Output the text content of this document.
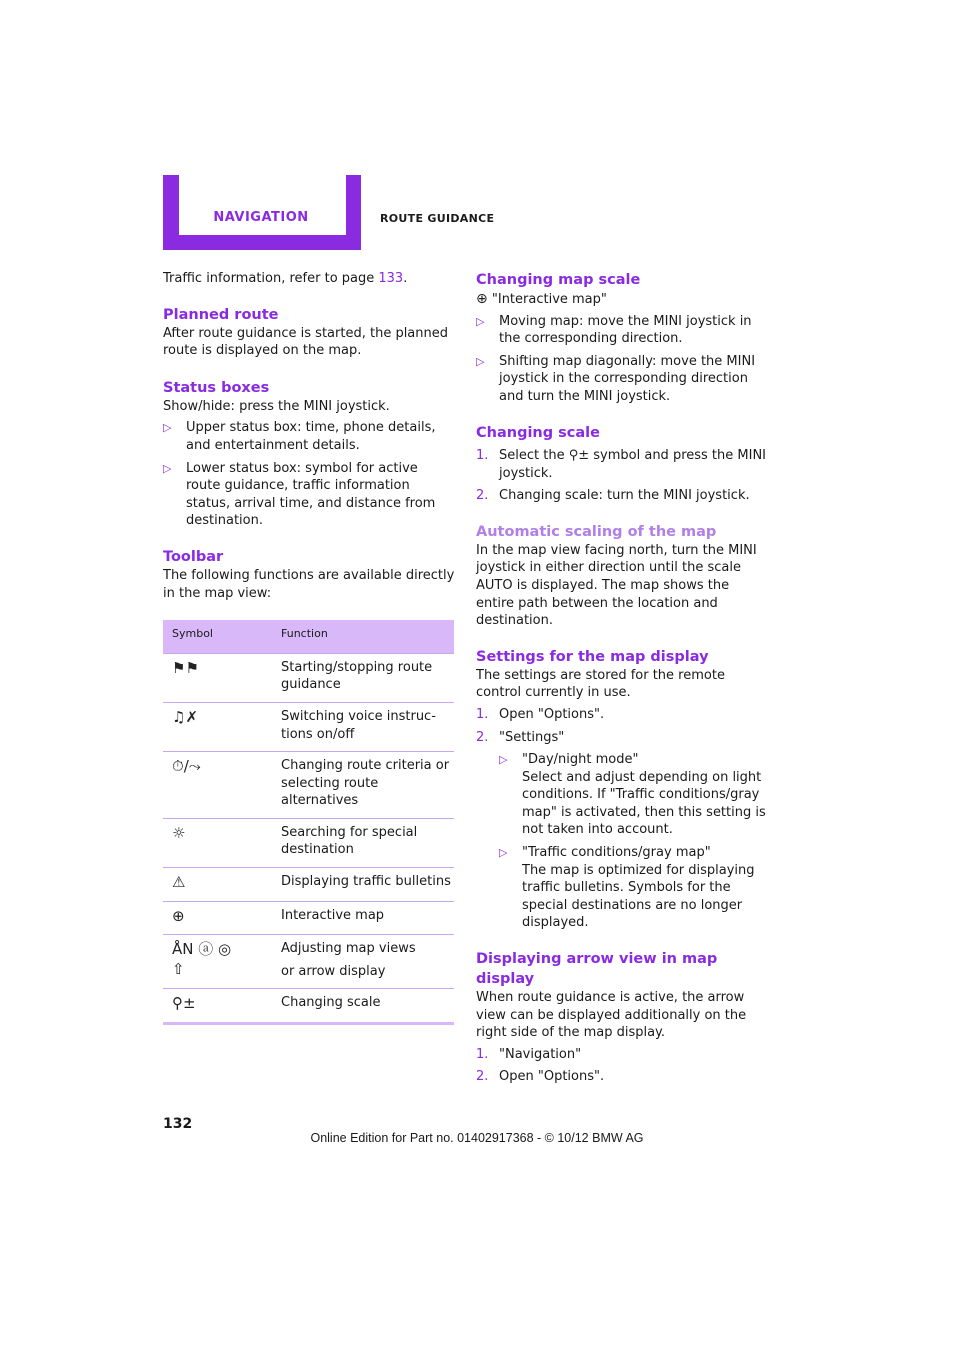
NAVIGATION	ROUTE GUIDANCE

Traffic information, refer to page 133.

Planned route

After route guidance is started, the planned route is displayed on the map.

Status boxes

Show/hide: press the MINI joystick.

▷ Upper status box: time, phone details, and entertainment details.
▷ Lower status box: symbol for active route guidance, traffic information status, arrival time, and distance from destination.
Toolbar

The following functions are available directly in the map view:

Symbol	Function
⚑⚑	Starting/stopping route guidance
♫✗	Switching voice instructions on/off
⏱/⤳	Changing route criteria or selecting route alternatives
☼	Searching for special destination
⚠	Displaying traffic bulletins
⊕	Interactive map
ÅN ⓐ ◎
⇧	Adjusting map views
or arrow display
⚲±	Changing scale
Changing map scale

⊕ "Interactive map"

▷ Moving map: move the MINI joystick in the corresponding direction.
▷ Shifting map diagonally: move the MINI joystick in the corresponding direction and turn the MINI joystick.
Changing scale
1. Select the ⚲± symbol and press the MINI joystick.
2. Changing scale: turn the MINI joystick.
Automatic scaling of the map

In the map view facing north, turn the MINI joystick in either direction until the scale AUTO is displayed. The map shows the entire path between the location and destination.

Settings for the map display

The settings are stored for the remote control currently in use.

1. Open "Options".
2. "Settings"
▷ "Day/night mode"
Select and adjust depending on light conditions. If "Traffic conditions/gray map" is activated, then this setting is not taken into account.
▷ "Traffic conditions/gray map"
The map is optimized for displaying traffic bulletins. Symbols for the special destinations are no longer displayed.
Displaying arrow view in map display

When route guidance is active, the arrow view can be displayed additionally on the right side of the map display.

1. "Navigation"
2. Open "Options".
132
Online Edition for Part no. 01402917368 - © 10/12 BMW AG
